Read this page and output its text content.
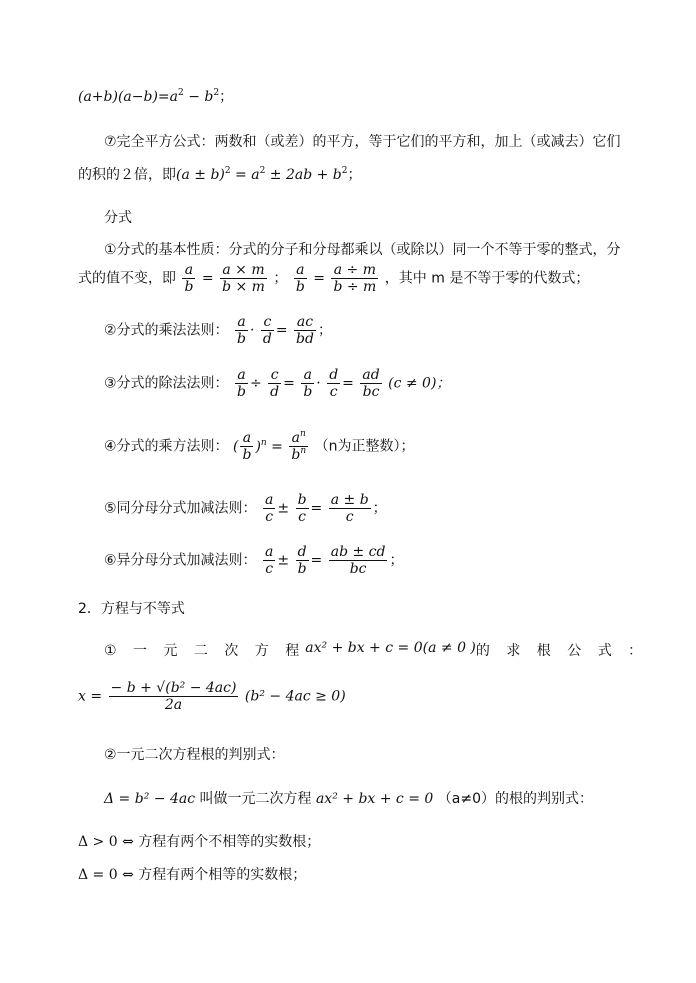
$(a+b)(a-b)=a^2 - b^2$；
⑦完全平方公式：两数和（或差）的平方，等于它们的平方和，加上（或减去）它们
的积的２倍，即$(a \pm b)^2 = a^2 \pm 2ab + b^2$；
分式
①分式的基本性质：分式的分子和分母都乘以（或除以）同一个不等于零的整式，分
式的值不变，即 $\frac{a}{b} = \frac{a \times m}{b \times m}$ ； $\frac{a}{b} = \frac{a \div m}{b \div m}$ ，其中 m 是不等于零的代数式；
②分式的乘法法则： $\frac{a}{b} \cdot \frac{c}{d} = \frac{ac}{bd}$ ；
③分式的除法法则： $\frac{a}{b} \div \frac{c}{d} = \frac{a}{b} \cdot \frac{d}{c} = \frac{ad}{bc} (c \ne 0)$；
④分式的乘方法则： ( $\frac{a}{b} )^n = \frac{a^n}{b^n} (n$为正整数）；
⑤同分母分式加减法则： $\frac{a}{c} \pm \frac{b}{c} = \frac{a \pm b}{c}$ ；
⑥异分母分式加减法则： $\frac{a}{c} \pm \frac{d}{b} = \frac{ab \pm cd}{bc}$ ；
2．方程与不等式
① 一 元 二 次 方 程 ax² + bx + c = 0 (a ≠ 0 ) 的 求 根 公 式 ：
$x = \frac{\text{− b + √(b² − 4ac)}}{2a} (b^2 - 4ac \ge 0)$
②一元二次方程根的判别式：
Δ = b² − 4ac 叫做一元二次方程 ax² + bx + c = 0 （a≠0）的根的判别式：
Δ > 0 ⇔ 方程有两个不相等的实数根；
Δ = 0 ⇔ 方程有两个相等的实数根；
